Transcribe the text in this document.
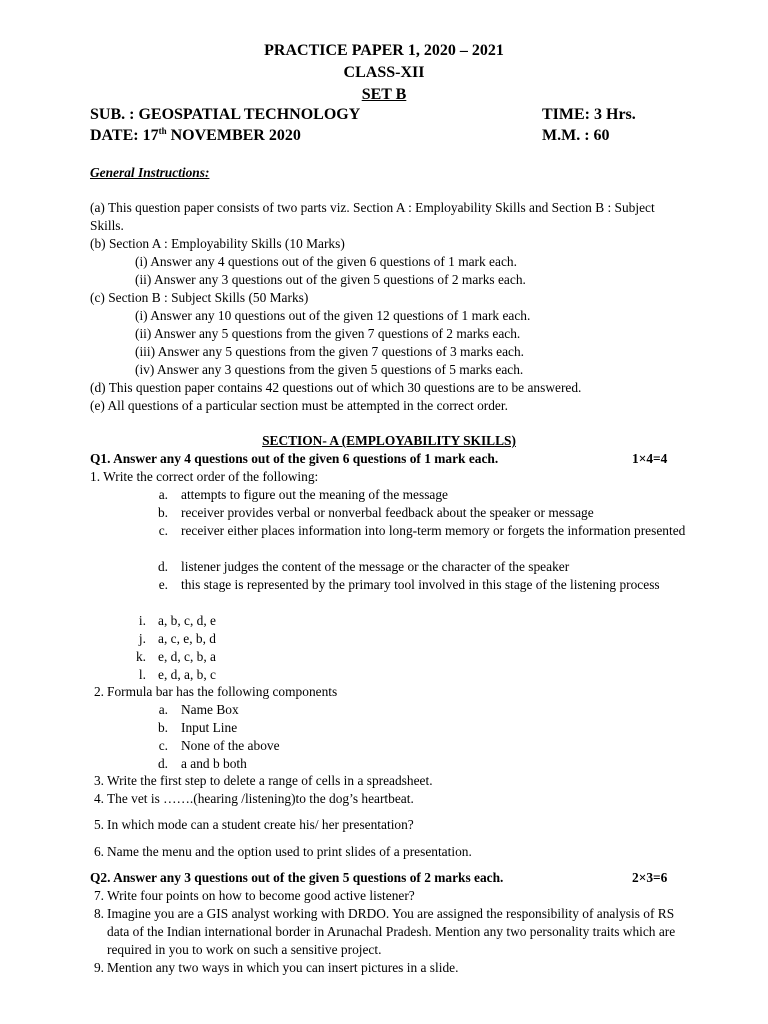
PRACTICE PAPER 1, 2020 – 2021
CLASS-XII
SET B
SUB. : GEOSPATIAL TECHNOLOGY	TIME: 3 Hrs.
DATE: 17th NOVEMBER 2020	M.M. : 60
General Instructions:
(a) This question paper consists of two parts viz. Section A : Employability Skills and Section B : Subject Skills.
(b) Section A : Employability Skills (10 Marks)
(i) Answer any 4 questions out of the given 6 questions of 1 mark each.
(ii) Answer any 3 questions out of the given 5 questions of 2 marks each.
(c) Section B : Subject Skills (50 Marks)
(i) Answer any 10 questions out of the given 12 questions of 1 mark each.
(ii) Answer any 5 questions from the given 7 questions of 2 marks each.
(iii) Answer any 5 questions from the given 7 questions of 3 marks each.
(iv) Answer any 3 questions from the given 5 questions of 5 marks each.
(d) This question paper contains 42 questions out of which 30 questions are to be answered.
(e) All questions of a particular section must be attempted in the correct order.
SECTION- A (EMPLOYABILITY SKILLS)
Q1. Answer any 4 questions out of the given 6 questions of 1 mark each.	1×4=4
1. Write the correct order of the following:
a. attempts to figure out the meaning of the message
b. receiver provides verbal or nonverbal feedback about the speaker or message
c. receiver either places information into long-term memory or forgets the information presented
d. listener judges the content of the message or the character of the speaker
e. this stage is represented by the primary tool involved in this stage of the listening process
i. a, b, c, d, e
j. a, c, e, b, d
k. e, d, c, b, a
l. e, d, a, b, c
2. Formula bar has the following components
a. Name Box
b. Input Line
c. None of the above
d. a and b both
3. Write the first step to delete a range of cells in a spreadsheet.
4. The vet is …….(hearing /listening)to the dog’s heartbeat.
5. In which mode can a student create his/ her presentation?
6. Name the menu and the option used to print slides of a presentation.
Q2. Answer any 3 questions out of the given 5 questions of 2 marks each.	2×3=6
7. Write four points on how to become good active listener?
8. Imagine you are a GIS analyst working with DRDO. You are assigned the responsibility of analysis of RS data of the Indian international border in Arunachal Pradesh. Mention any two personality traits which are required in you to work on such a sensitive project.
9. Mention any two ways in which you can insert pictures in a slide.
